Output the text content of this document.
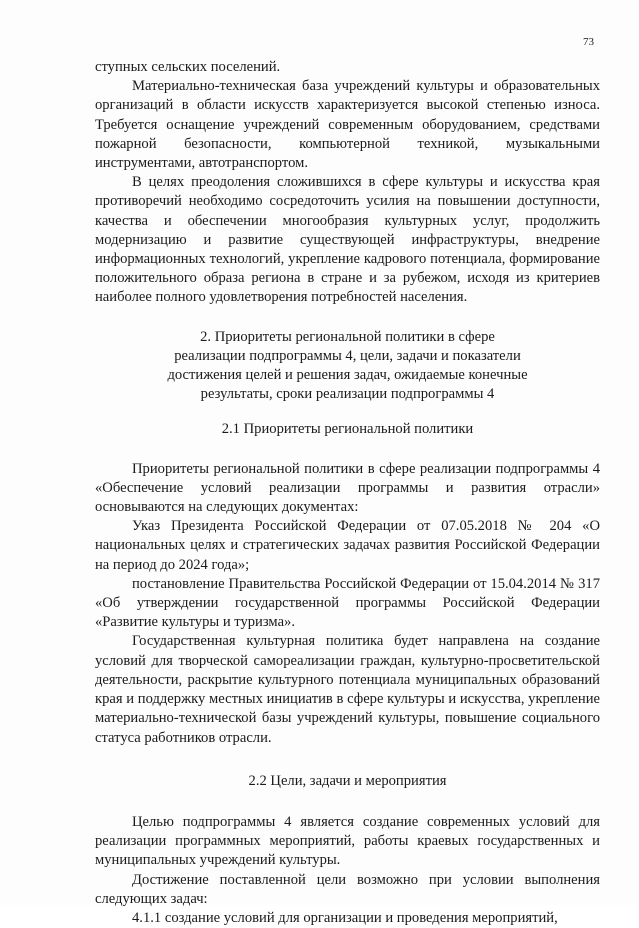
73

ступных сельских поселений.

Материально-техническая база учреждений культуры и образовательных организаций в области искусств характеризуется высокой степенью износа. Требуется оснащение учреждений современным оборудованием, средствами пожарной безопасности, компьютерной техникой, музыкальными инструментами, автотранспортом.

В целях преодоления сложившихся в сфере культуры и искусства края противоречий необходимо сосредоточить усилия на повышении доступности, качества и обеспечении многообразия культурных услуг, продолжить модернизацию и развитие существующей инфраструктуры, внедрение информационных технологий, укрепление кадрового потенциала, формирование положительного образа региона в стране и за рубежом, исходя из критериев наиболее полного удовлетворения потребностей населения.

2. Приоритеты региональной политики в сфере

реализации подпрограммы 4, цели, задачи и показатели

достижения целей и решения задач, ожидаемые конечные

результаты, сроки реализации подпрограммы 4

2.1 Приоритеты региональной политики

Приоритеты региональной политики в сфере реализации подпрограммы 4 «Обеспечение условий реализации программы и развития отрасли» основываются на следующих документах:

Указ Президента Российской Федерации от 07.05.2018 № 204 «О национальных целях и стратегических задачах развития Российской Федерации на период до 2024 года»;

постановление Правительства Российской Федерации от 15.04.2014 № 317 «Об утверждении государственной программы Российской Федерации «Развитие культуры и туризма».

Государственная культурная политика будет направлена на создание условий для творческой самореализации граждан, культурно-просветительской деятельности, раскрытие культурного потенциала муниципальных образований края и поддержку местных инициатив в сфере культуры и искусства, укрепление материально-технической базы учреждений культуры, повышение социального статуса работников отрасли.

2.2 Цели, задачи и мероприятия

Целью подпрограммы 4 является создание современных условий для реализации программных мероприятий, работы краевых государственных и муниципальных учреждений культуры.

Достижение поставленной цели возможно при условии выполнения следующих задач:

4.1.1 создание условий для организации и проведения мероприятий,
